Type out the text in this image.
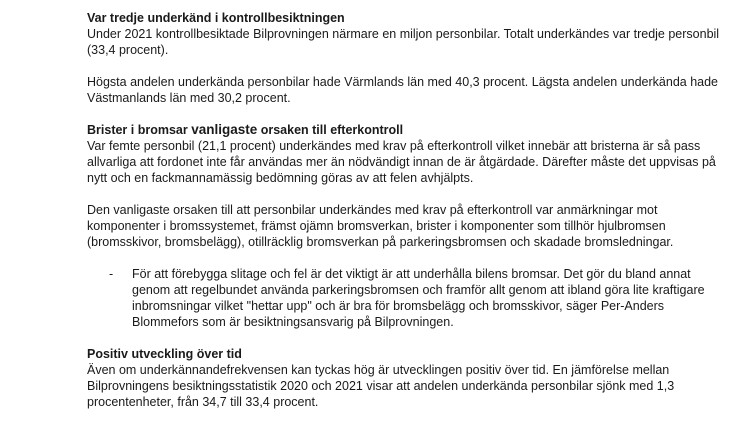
Var tredje underkänd i kontrollbesiktningen

Under 2021 kontrollbesiktade Bilprovningen närmare en miljon personbilar. Totalt underkändes var tredje personbil (33,4 procent).

Högsta andelen underkända personbilar hade Värmlands län med 40,3 procent. Lägsta andelen underkända hade Västmanlands län med 30,2 procent.

Brister i bromsar vanligaste orsaken till efterkontroll

Var femte personbil (21,1 procent) underkändes med krav på efterkontroll vilket innebär att bristerna är så pass allvarliga att fordonet inte får användas mer än nödvändigt innan de är åtgärdade. Därefter måste det uppvisas på nytt och en fackmannamässig bedömning göras av att felen avhjälpts.

Den vanligaste orsaken till att personbilar underkändes med krav på efterkontroll var anmärkningar mot komponenter i bromssystemet, främst ojämn bromsverkan, brister i komponenter som tillhör hjulbromsen (bromsskivor, bromsbelägg), otillräcklig bromsverkan på parkeringsbromsen och skadade bromsledningar.

-	För att förebygga slitage och fel är det viktigt är att underhålla bilens bromsar. Det gör du bland annat genom att regelbundet använda parkeringsbromsen och framför allt genom att ibland göra lite kraftigare inbromsningar vilket "hettar upp" och är bra för bromsbelägg och bromsskivor, säger Per-Anders Blommefors som är besiktningsansvarig på Bilprovningen.

Positiv utveckling över tid

Även om underkännandefrekvensen kan tyckas hög är utvecklingen positiv över tid. En jämförelse mellan Bilprovningens besiktningsstatistik 2020 och 2021 visar att andelen underkända personbilar sjönk med 1,3 procentenheter, från 34,7 till 33,4 procent.
